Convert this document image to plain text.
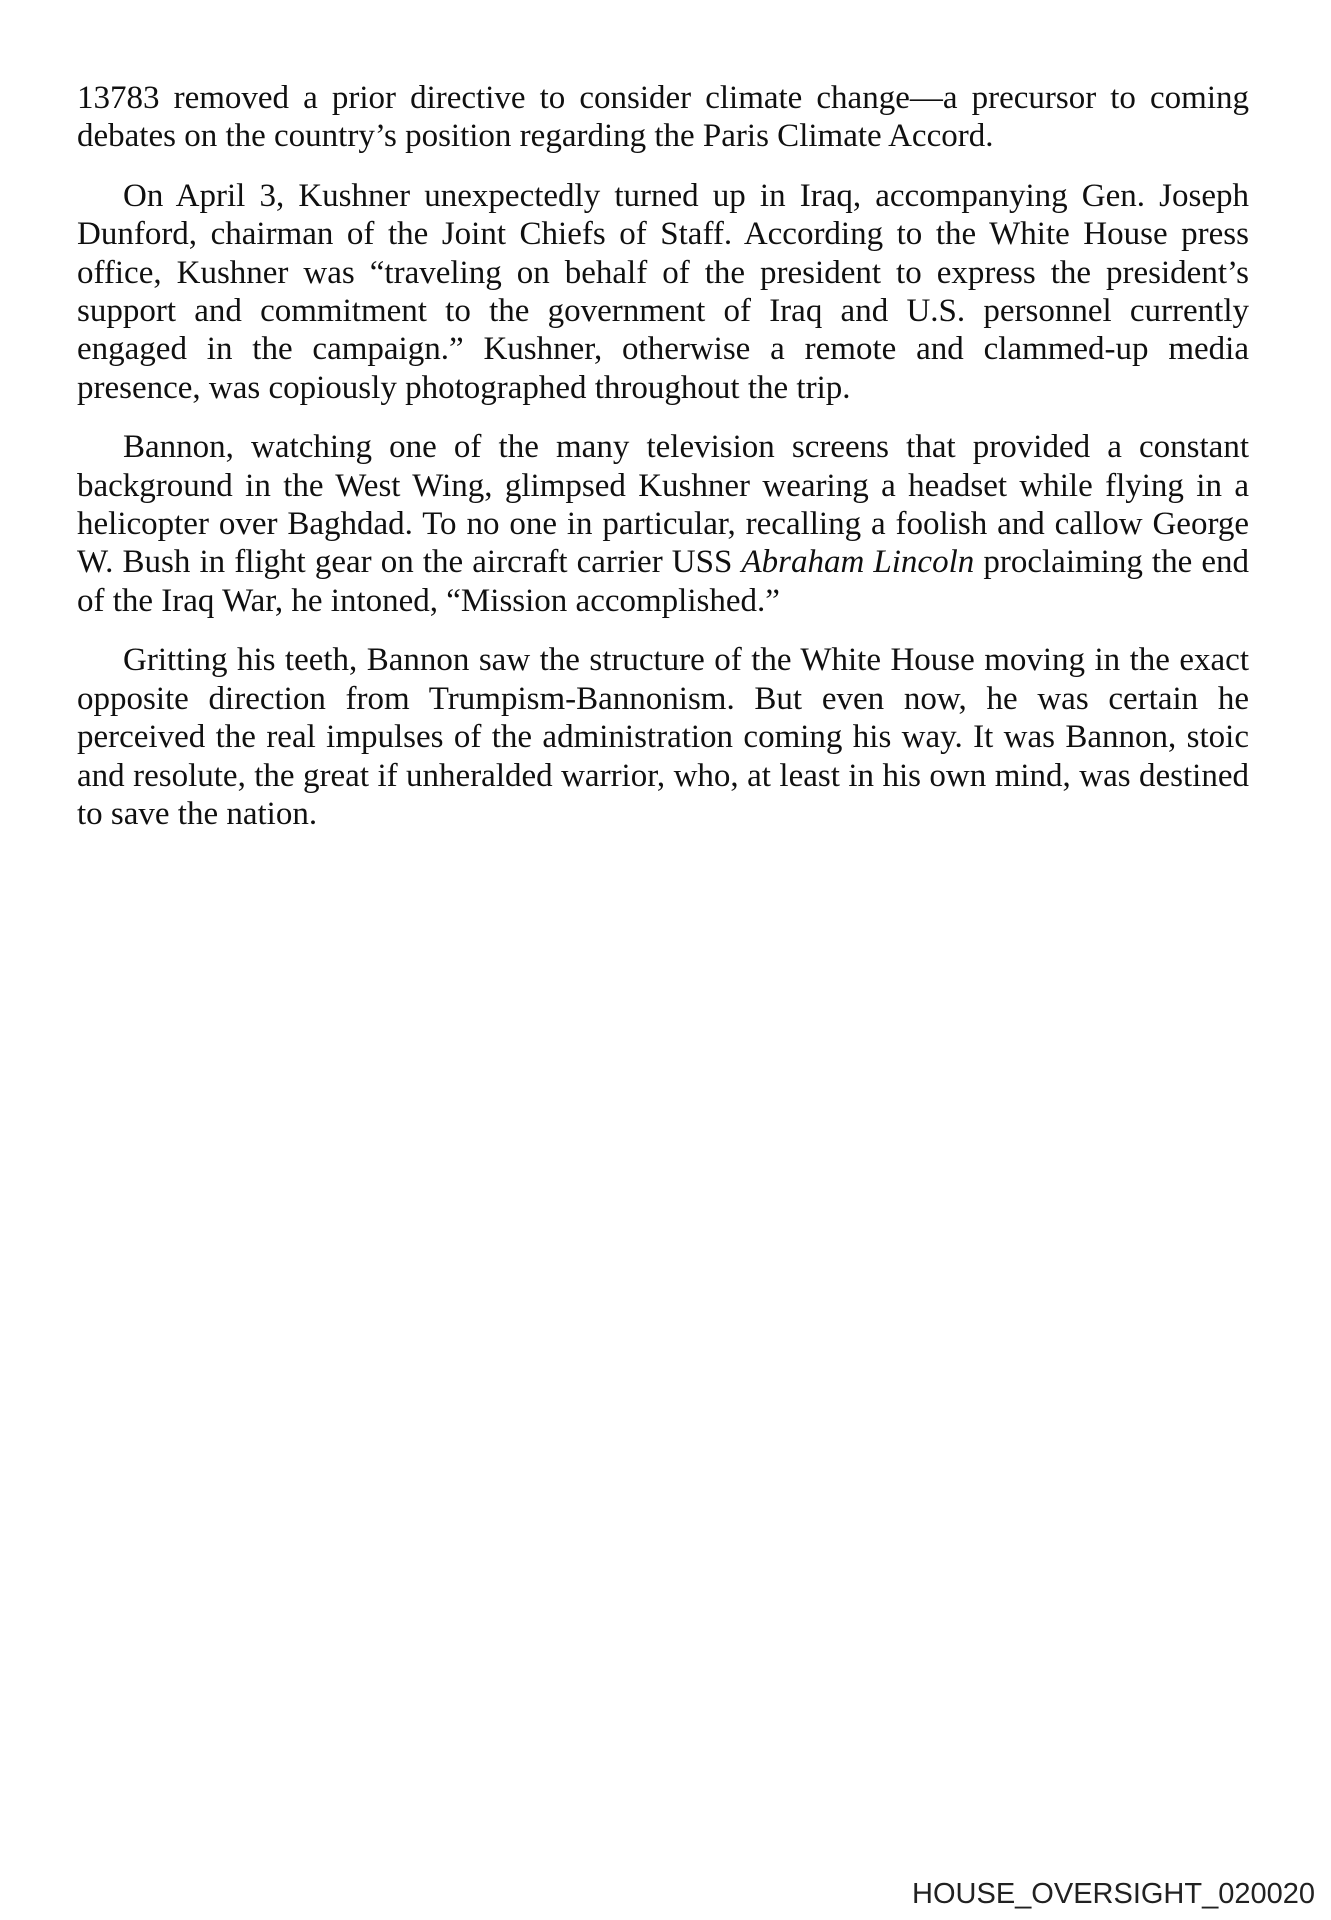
13783 removed a prior directive to consider climate change—a precursor to coming debates on the country’s position regarding the Paris Climate Accord.

On April 3, Kushner unexpectedly turned up in Iraq, accompanying Gen. Joseph Dunford, chairman of the Joint Chiefs of Staff. According to the White House press office, Kushner was “traveling on behalf of the president to express the president’s support and commitment to the government of Iraq and U.S. personnel currently engaged in the campaign.” Kushner, otherwise a remote and clammed-up media presence, was copiously photographed throughout the trip.

Bannon, watching one of the many television screens that provided a constant background in the West Wing, glimpsed Kushner wearing a headset while flying in a helicopter over Baghdad. To no one in particular, recalling a foolish and callow George W. Bush in flight gear on the aircraft carrier USS Abraham Lincoln proclaiming the end of the Iraq War, he intoned, “Mission accomplished.”

Gritting his teeth, Bannon saw the structure of the White House moving in the exact opposite direction from Trumpism-Bannonism. But even now, he was certain he perceived the real impulses of the administration coming his way. It was Bannon, stoic and resolute, the great if unheralded warrior, who, at least in his own mind, was destined to save the nation.

HOUSE_OVERSIGHT_020020
